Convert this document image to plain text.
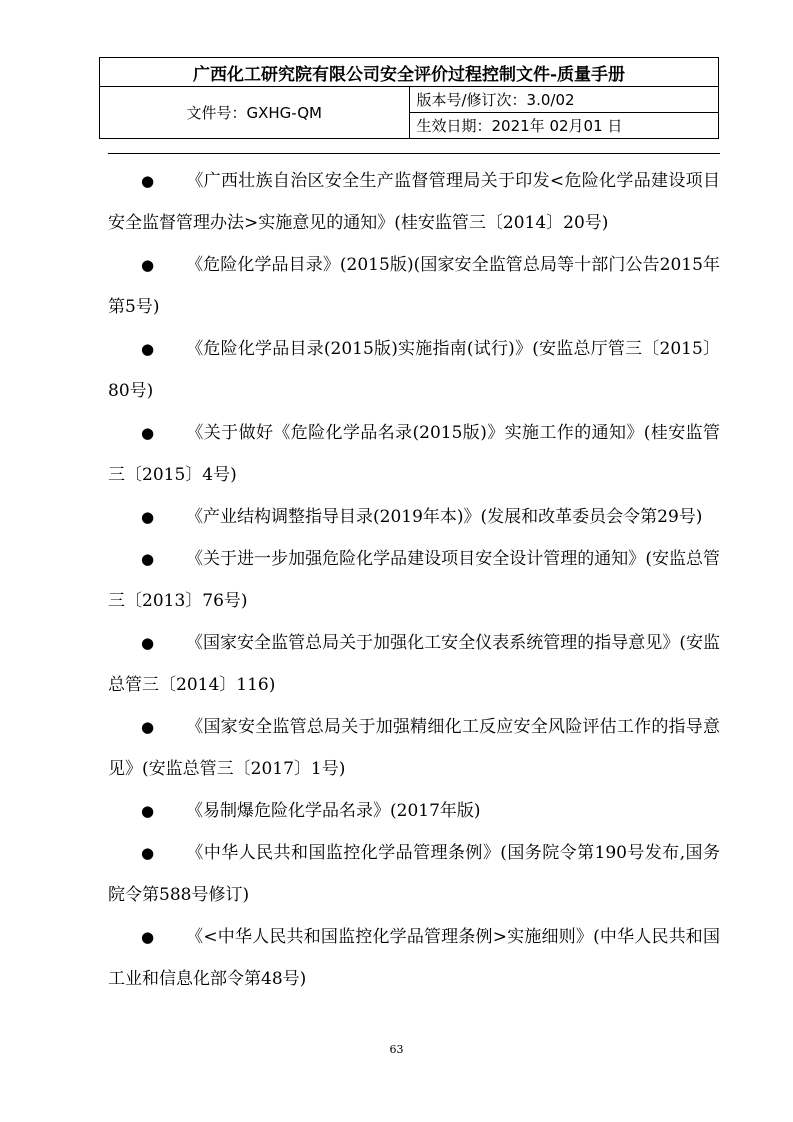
广西化工研究院有限公司安全评价过程控制文件-质量手册
文件号：GXHG-QM	版本号/修订次：3.0/02
生效日期：2021年 02月01 日
● 《广西壮族自治区安全生产监督管理局关于印发<危险化学品建设项目安全监督管理办法>实施意见的通知》(桂安监管三〔2014〕20号)
● 《危险化学品目录》(2015版)(国家安全监管总局等十部门公告2015年第5号)
● 《危险化学品目录(2015版)实施指南(试行)》(安监总厅管三〔2015〕80号)
● 《关于做好《危险化学品名录(2015版)》实施工作的通知》(桂安监管三〔2015〕4号)
● 《产业结构调整指导目录(2019年本)》(发展和改革委员会令第29号)
● 《关于进一步加强危险化学品建设项目安全设计管理的通知》(安监总管三〔2013〕76号)
● 《国家安全监管总局关于加强化工安全仪表系统管理的指导意见》(安监总管三〔2014〕116)
● 《国家安全监管总局关于加强精细化工反应安全风险评估工作的指导意见》(安监总管三〔2017〕1号)
● 《易制爆危险化学品名录》(2017年版)
● 《中华人民共和国监控化学品管理条例》(国务院令第190号发布,国务院令第588号修订)
● 《<中华人民共和国监控化学品管理条例>实施细则》(中华人民共和国工业和信息化部令第48号)
63
